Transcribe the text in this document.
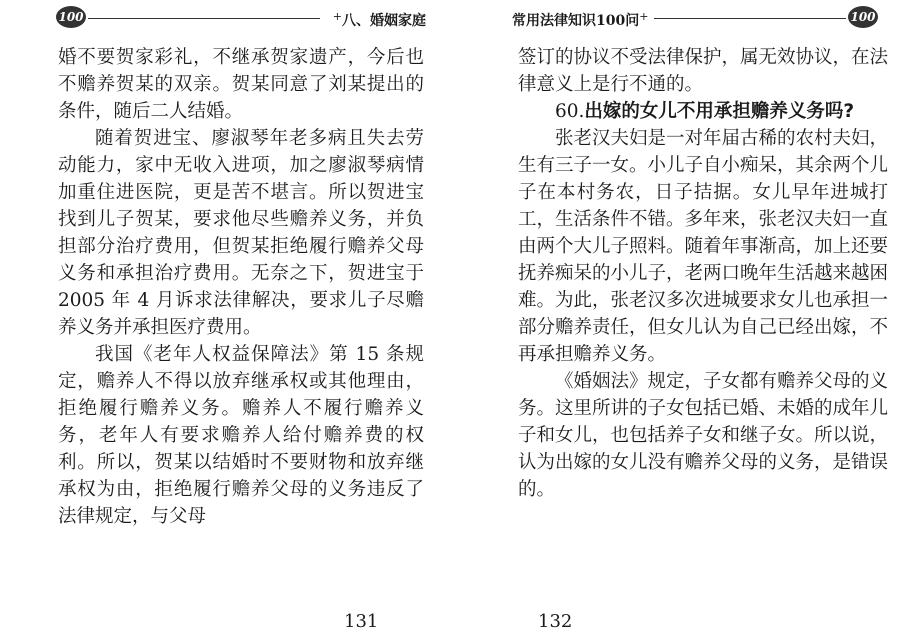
100	+八、婚姻家庭

婚不要贺家彩礼，不继承贺家遗产，今后也不赡养贺某的双亲。贺某同意了刘某提出的条件，随后二人结婚。

随着贺进宝、廖淑琴年老多病且失去劳动能力，家中无收入进项，加之廖淑琴病情加重住进医院，更是苦不堪言。所以贺进宝找到儿子贺某，要求他尽些赡养义务，并负担部分治疗费用，但贺某拒绝履行赡养父母义务和承担治疗费用。无奈之下，贺进宝于 2005 年 4 月诉求法律解决，要求儿子尽赡养义务并承担医疗费用。

我国《老年人权益保障法》第 15 条规定，赡养人不得以放弃继承权或其他理由，拒绝履行赡养义务。赡养人不履行赡养义务，老年人有要求赡养人给付赡养费的权利。所以，贺某以结婚时不要财物和放弃继承权为由，拒绝履行赡养父母的义务违反了法律规定，与父母

131
常用法律知识100问+	100

签订的协议不受法律保护，属无效协议，在法律意义上是行不通的。

60.出嫁的女儿不用承担赡养义务吗?

张老汉夫妇是一对年届古稀的农村夫妇，生有三子一女。小儿子自小痴呆，其余两个儿子在本村务农，日子拮据。女儿早年进城打工，生活条件不错。多年来，张老汉夫妇一直由两个大儿子照料。随着年事渐高，加上还要抚养痴呆的小儿子，老两口晚年生活越来越困难。为此，张老汉多次进城要求女儿也承担一部分赡养责任，但女儿认为自己已经出嫁，不再承担赡养义务。

《婚姻法》规定，子女都有赡养父母的义务。这里所讲的子女包括已婚、未婚的成年儿子和女儿，也包括养子女和继子女。所以说，认为出嫁的女儿没有赡养父母的义务，是错误的。

132
